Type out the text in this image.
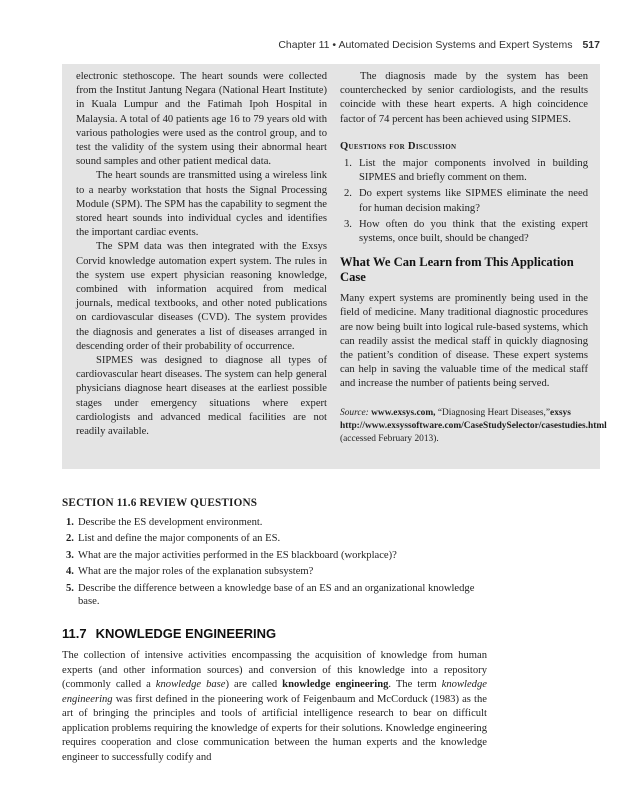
Chapter 11 • Automated Decision Systems and Expert Systems 517

electronic stethoscope. The heart sounds were collected from the Institut Jantung Negara (National Heart Institute) in Kuala Lumpur and the Fatimah Ipoh Hospital in Malaysia. A total of 40 patients age 16 to 79 years old with various pathologies were used as the control group, and to test the validity of the system using their abnormal heart sound samples and other patient medical data.

The heart sounds are transmitted using a wireless link to a nearby workstation that hosts the Signal Processing Module (SPM). The SPM has the capability to segment the stored heart sounds into individual cycles and identifies the important cardiac events.

The SPM data was then integrated with the Exsys Corvid knowledge automation expert system. The rules in the system use expert physician reasoning knowledge, combined with information acquired from medical journals, medical textbooks, and other noted publications on cardiovascular diseases (CVD). The system provides the diagnosis and generates a list of diseases arranged in descending order of their probability of occurrence.

SIPMES was designed to diagnose all types of cardiovascular heart diseases. The system can help general physicians diagnose heart diseases at the earliest possible stages under emergency situations where expert cardiologists and advanced medical facilities are not readily available.

The diagnosis made by the system has been counterchecked by senior cardiologists, and the results coincide with these heart experts. A high coincidence factor of 74 percent has been achieved using SIPMES.

Questions for Discussion

1. List the major components involved in building SIPMES and briefly comment on them.
2. Do expert systems like SIPMES eliminate the need for human decision making?
3. How often do you think that the existing expert systems, once built, should be changed?

What We Can Learn from This Application Case

Many expert systems are prominently being used in the field of medicine. Many traditional diagnostic procedures are now being built into logical rule-based systems, which can readily assist the medical staff in quickly diagnosing the patient’s condition of disease. These expert systems can help in saving the valuable time of the medical staff and increase the number of patients being served.

Source: www.exsys.com, “Diagnosing Heart Diseases,”exsys http://www.exsyssoftware.com/CaseStudySelector/casestudies.html (accessed February 2013).

SECTION 11.6 REVIEW QUESTIONS
1. Describe the ES development environment.
2. List and define the major components of an ES.
3. What are the major activities performed in the ES blackboard (workplace)?
4. What are the major roles of the explanation subsystem?
5. Describe the difference between a knowledge base of an ES and an organizational knowledge base.
11.7 KNOWLEDGE ENGINEERING

The collection of intensive activities encompassing the acquisition of knowledge from human experts (and other information sources) and conversion of this knowledge into a repository (commonly called a knowledge base) are called knowledge engineering. The term knowledge engineering was first defined in the pioneering work of Feigenbaum and McCorduck (1983) as the art of bringing the principles and tools of artificial intelligence research to bear on difficult application problems requiring the knowledge of experts for their solutions. Knowledge engineering requires cooperation and close communication between the human experts and the knowledge engineer to successfully codify and
